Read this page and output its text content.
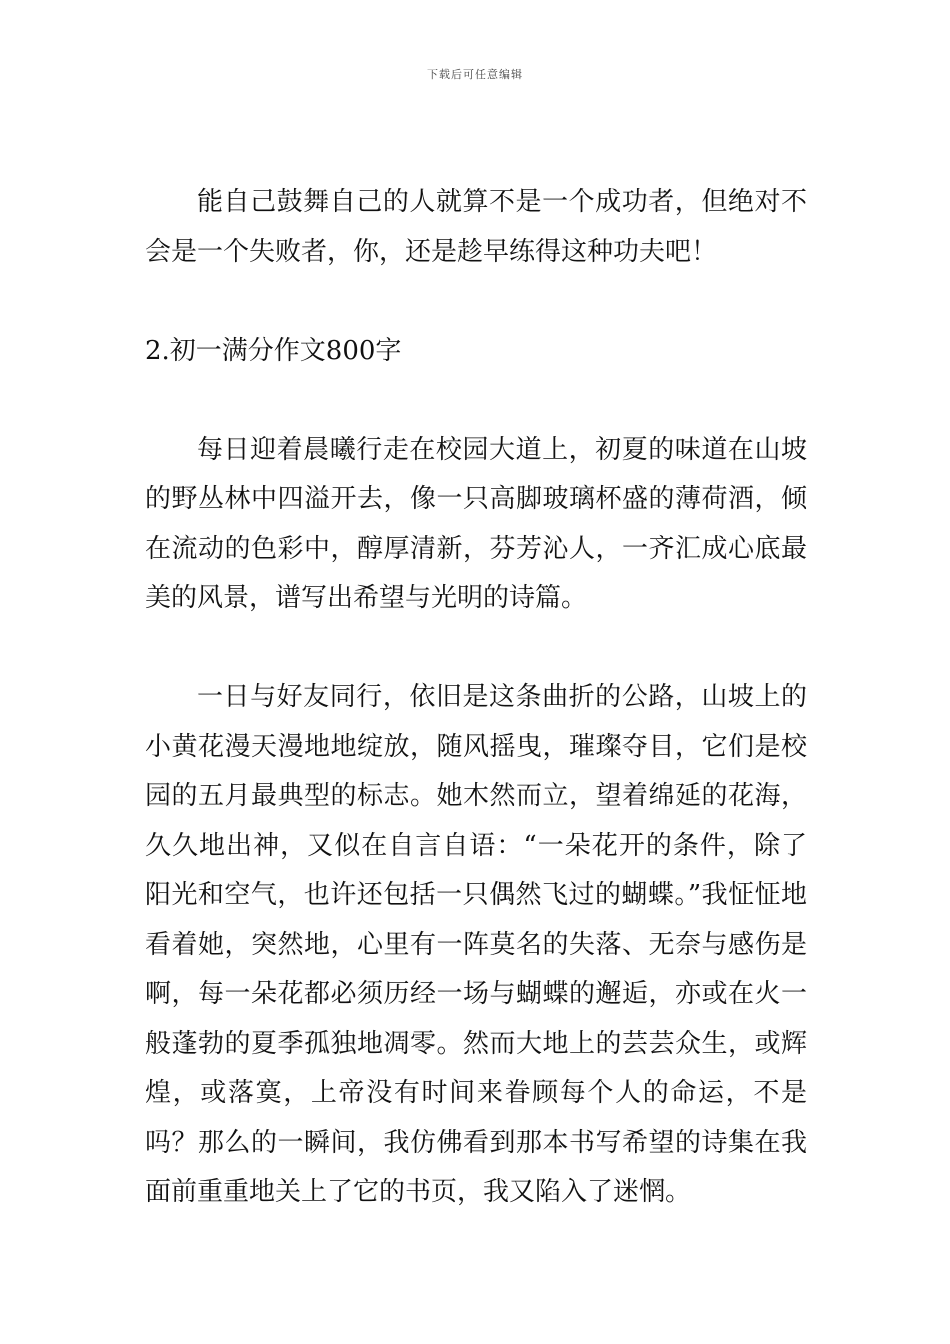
下载后可任意编辑

能自己鼓舞自己的人就算不是一个成功者，但绝对不会是一个失败者，你，还是趁早练得这种功夫吧！

2.初一满分作文800字

每日迎着晨曦行走在校园大道上，初夏的味道在山坡的野丛林中四溢开去，像一只高脚玻璃杯盛的薄荷酒，倾在流动的色彩中，醇厚清新，芬芳沁人，一齐汇成心底最美的风景，谱写出希望与光明的诗篇。

一日与好友同行，依旧是这条曲折的公路，山坡上的小黄花漫天漫地地绽放，随风摇曳，璀璨夺目，它们是校园的五月最典型的标志。她木然而立，望着绵延的花海，久久地出神，又似在自言自语：“一朵花开的条件，除了阳光和空气，也许还包括一只偶然飞过的蝴蝶。”我怔怔地看着她，突然地，心里有一阵莫名的失落、无奈与感伤是啊，每一朵花都必须历经一场与蝴蝶的邂逅，亦或在火一般蓬勃的夏季孤独地凋零。然而大地上的芸芸众生，或辉煌，或落寞，上帝没有时间来眷顾每个人的命运，不是吗？那么的一瞬间，我仿佛看到那本书写希望的诗集在我面前重重地关上了它的书页，我又陷入了迷惘。
